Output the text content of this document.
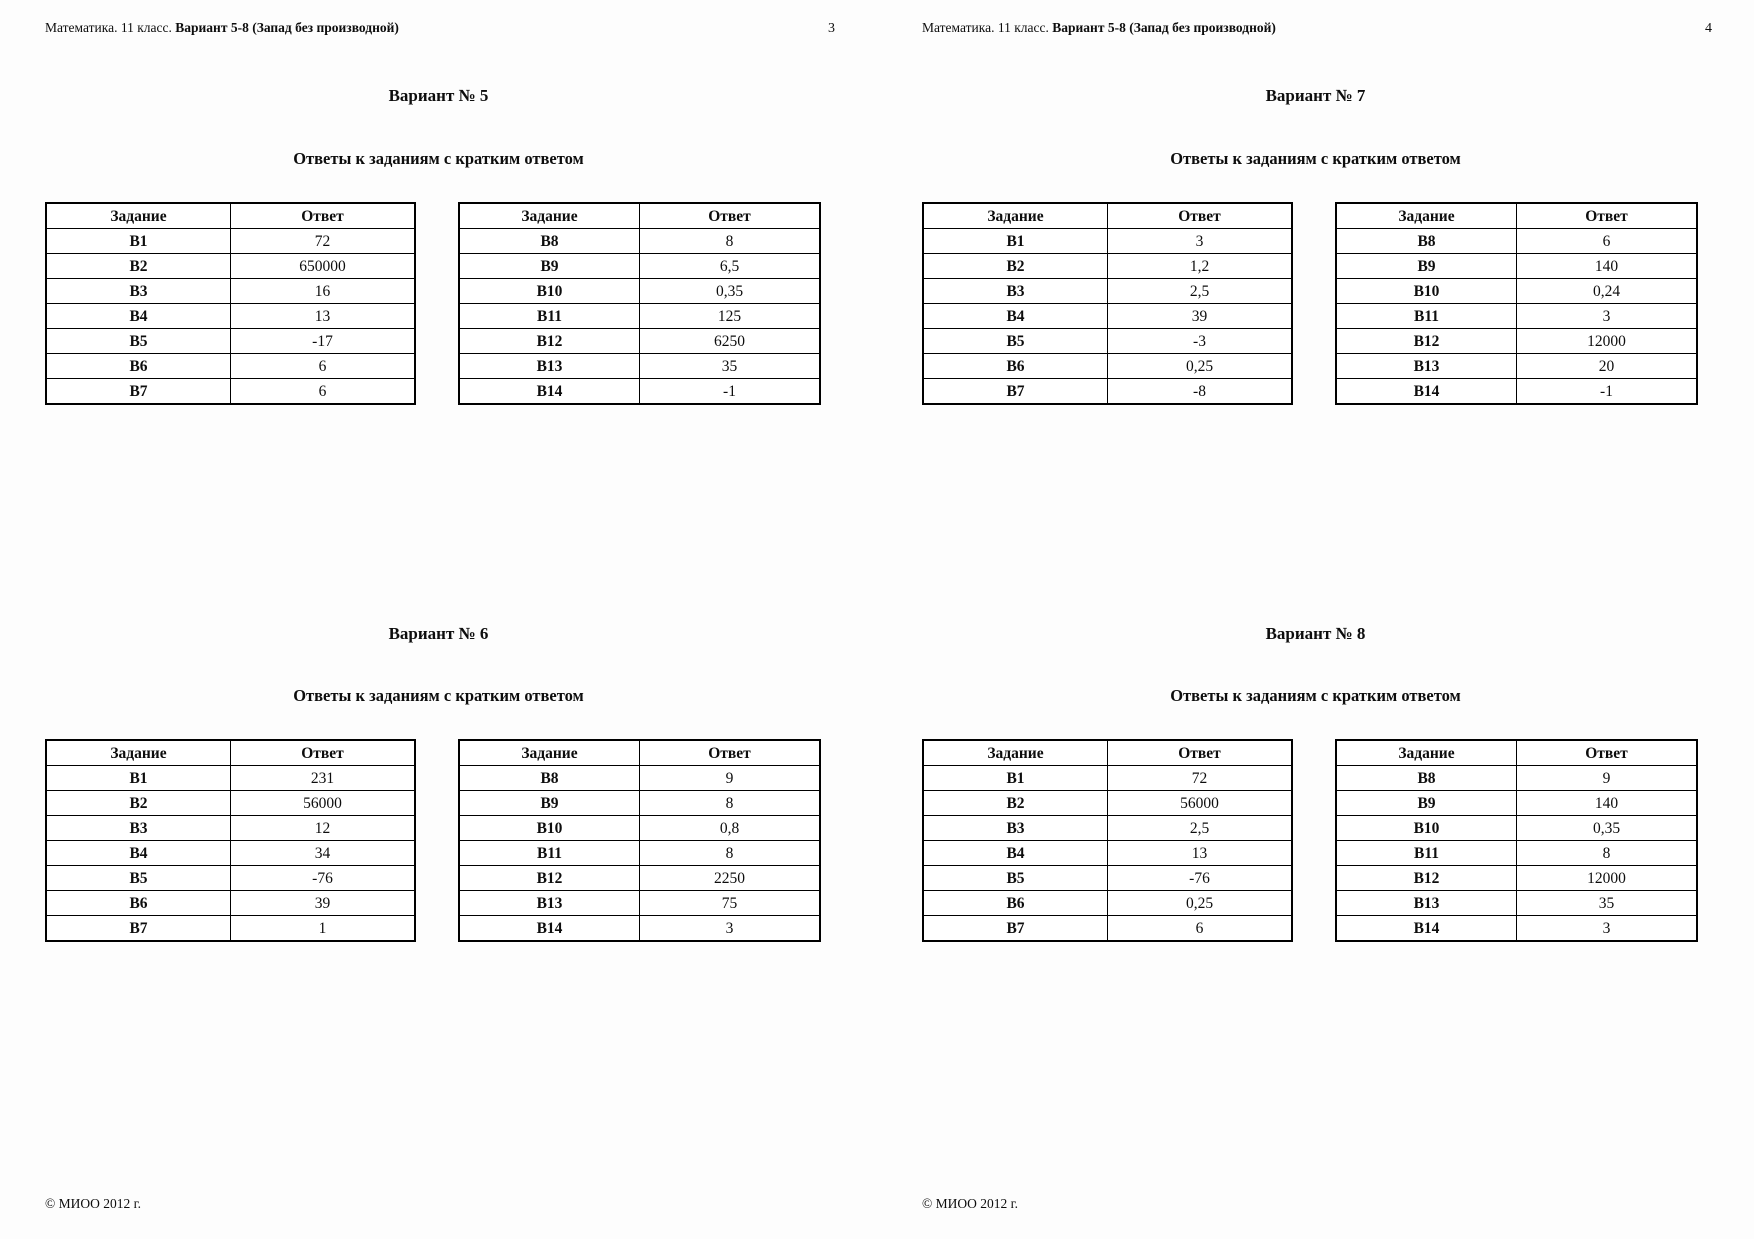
Математика. 11 класс. Вариант 5-8 (Запад без производной)	3
Вариант № 5
Ответы к заданиям с кратким ответом
Задание	Ответ
В1	72
В2	650000
В3	16
В4	13
В5	-17
В6	6
В7	6
Задание	Ответ
В8	8
В9	6,5
В10	0,35
В11	125
В12	6250
В13	35
В14	-1
Вариант № 6
Ответы к заданиям с кратким ответом
Задание	Ответ
В1	231
В2	56000
В3	12
В4	34
В5	-76
В6	39
В7	1
Задание	Ответ
В8	9
В9	8
В10	0,8
В11	8
В12	2250
В13	75
В14	3
© МИОО 2012 г.
Математика. 11 класс. Вариант 5-8 (Запад без производной)	4
Вариант № 7
Ответы к заданиям с кратким ответом
Задание	Ответ
В1	3
В2	1,2
В3	2,5
В4	39
В5	-3
В6	0,25
В7	-8
Задание	Ответ
В8	6
В9	140
В10	0,24
В11	3
В12	12000
В13	20
В14	-1
Вариант № 8
Ответы к заданиям с кратким ответом
Задание	Ответ
В1	72
В2	56000
В3	2,5
В4	13
В5	-76
В6	0,25
В7	6
Задание	Ответ
В8	9
В9	140
В10	0,35
В11	8
В12	12000
В13	35
В14	3
© МИОО 2012 г.
